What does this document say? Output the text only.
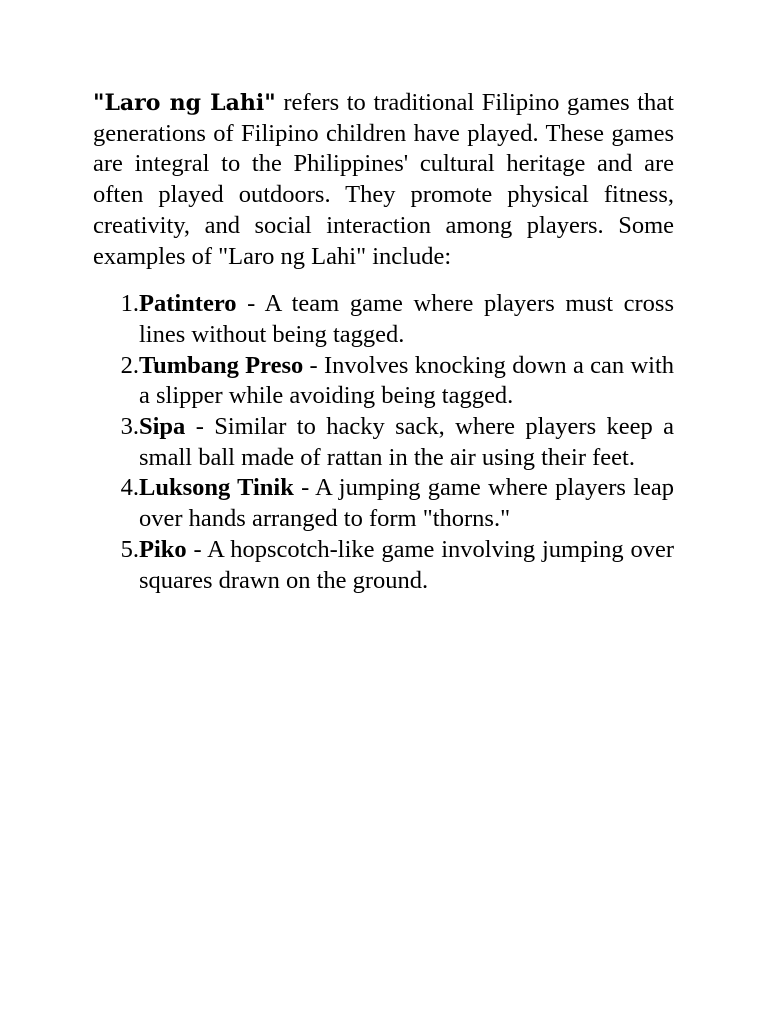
"Laro ng Lahi" refers to traditional Filipino games that generations of Filipino children have played. These games are integral to the Philippines' cultural heritage and are often played outdoors. They promote physical fitness, creativity, and social interaction among players. Some examples of "Laro ng Lahi" include:

1. Patintero - A team game where players must cross lines without being tagged.
2. Tumbang Preso - Involves knocking down a can with a slipper while avoiding being tagged.
3. Sipa - Similar to hacky sack, where players keep a small ball made of rattan in the air using their feet.
4. Luksong Tinik - A jumping game where players leap over hands arranged to form "thorns."
5. Piko - A hopscotch-like game involving jumping over squares drawn on the ground.
